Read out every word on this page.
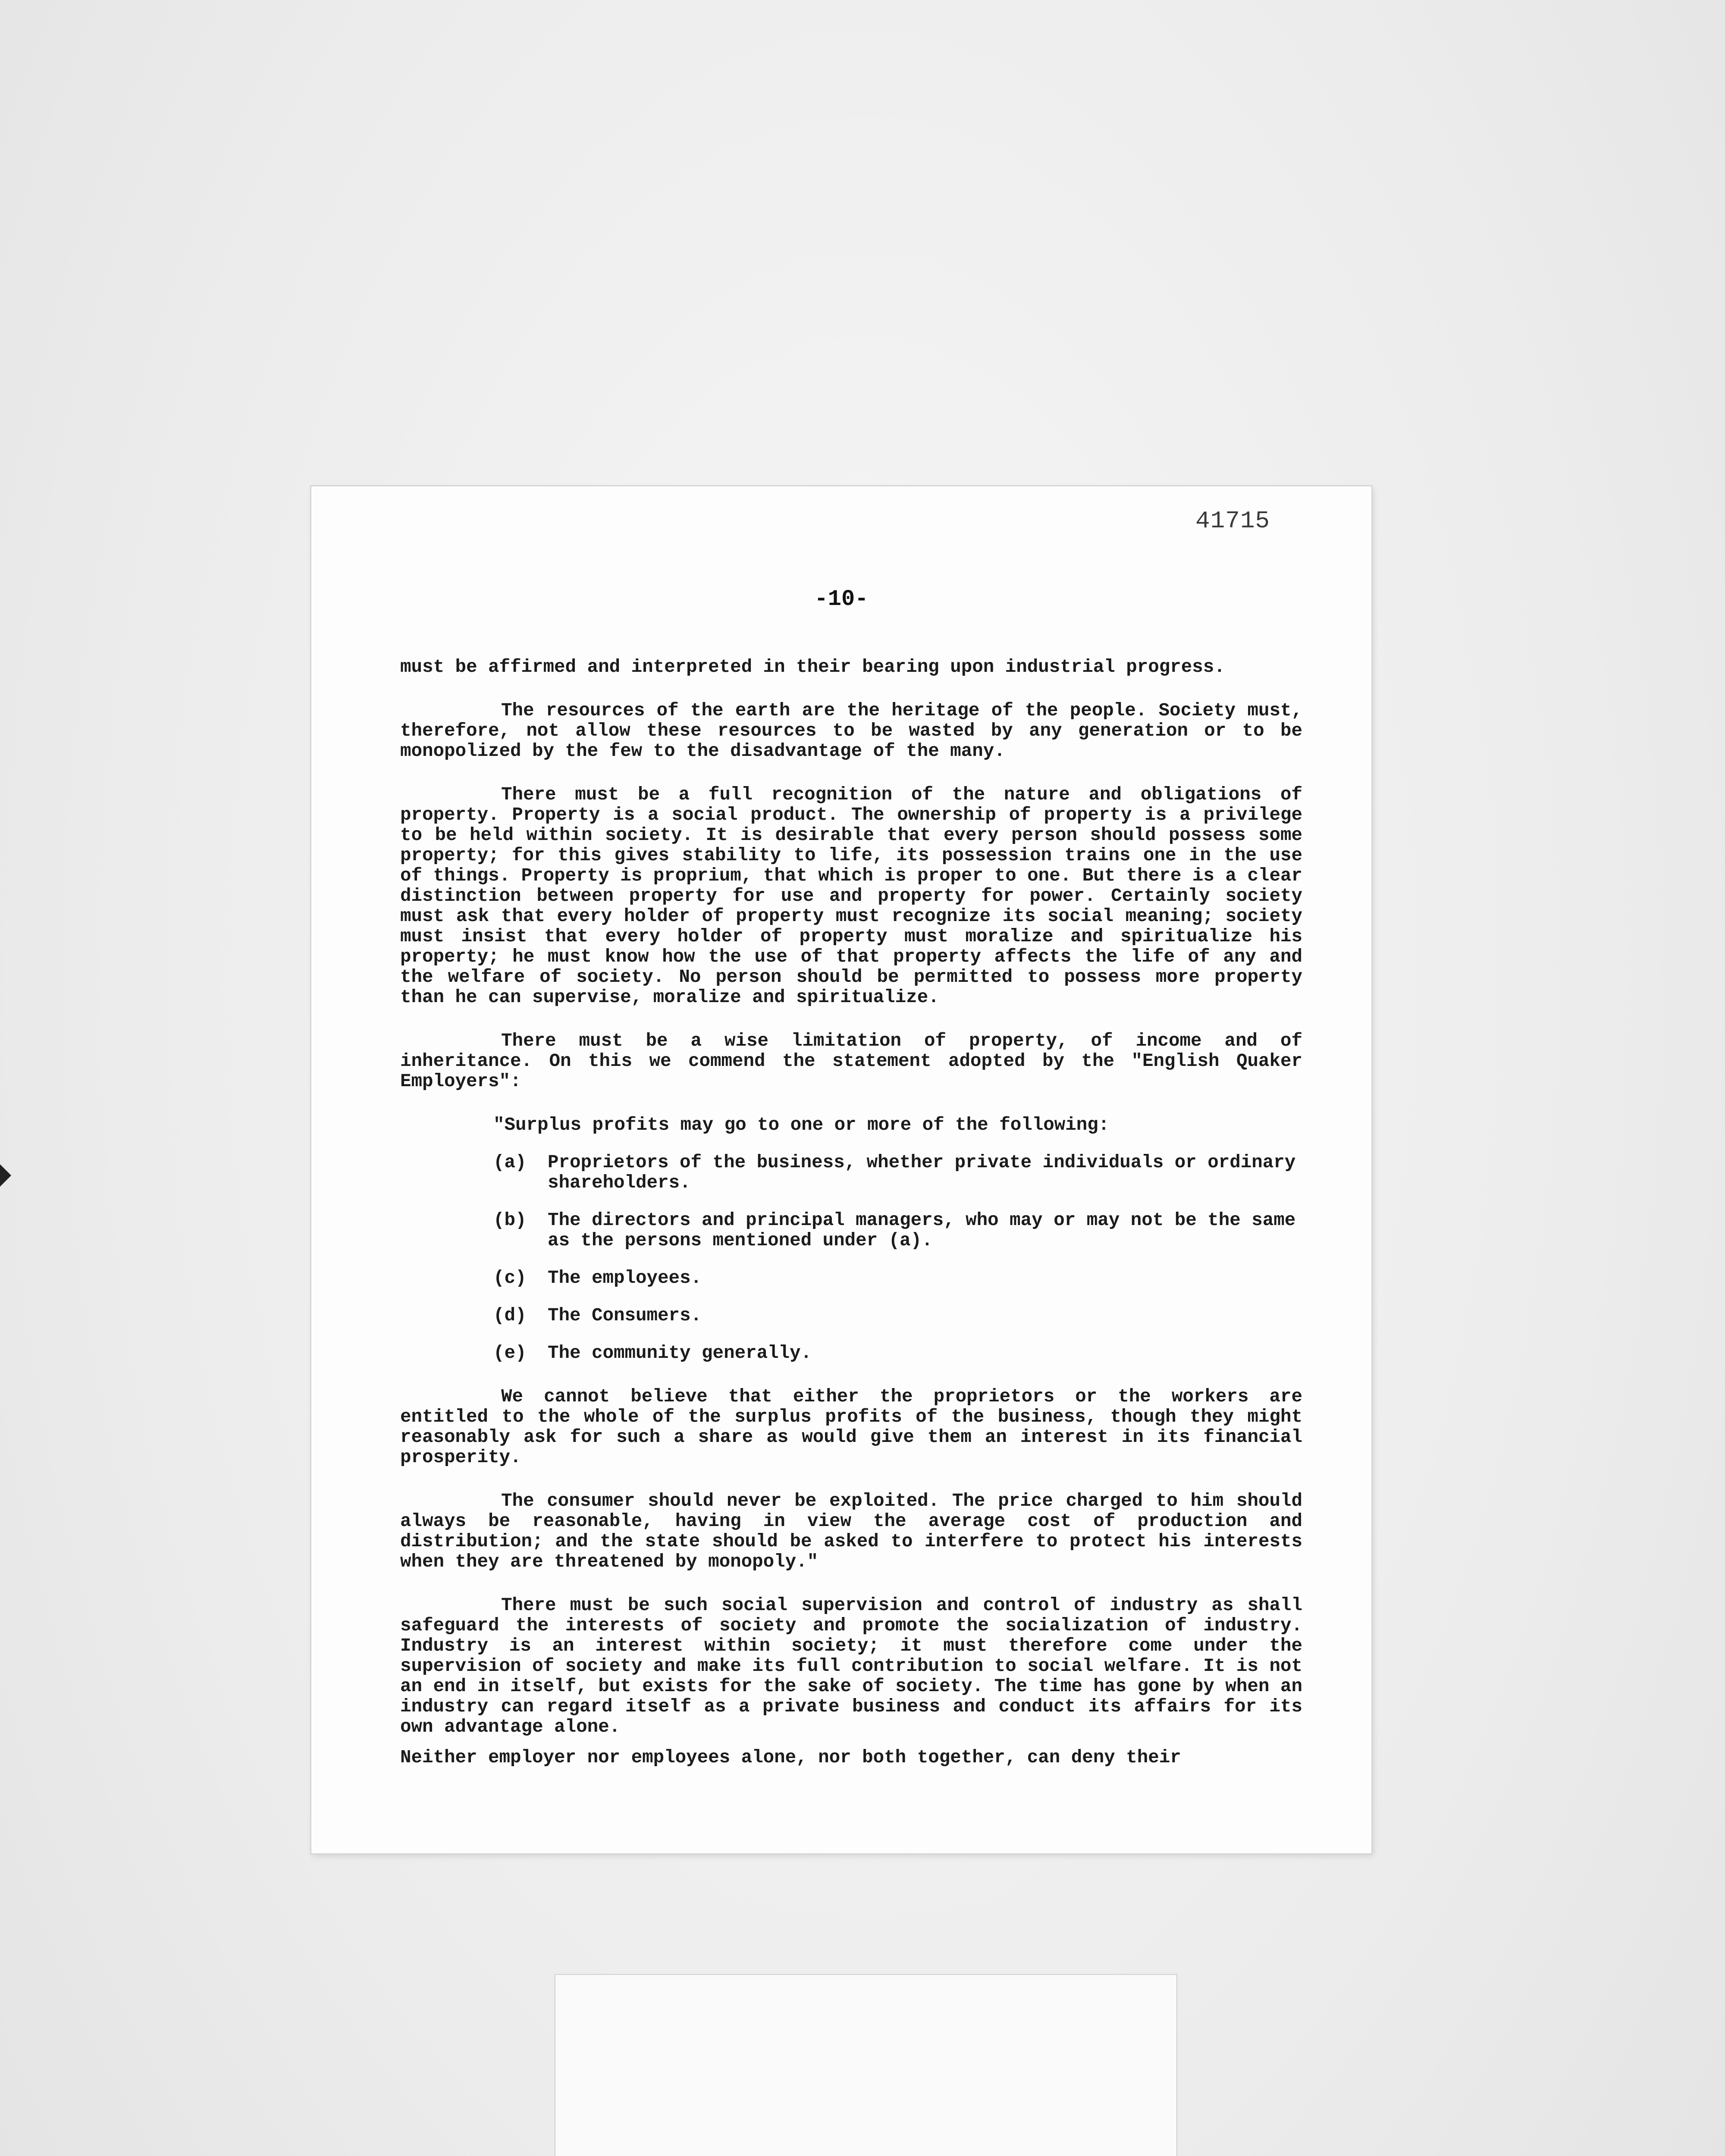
41715
-10-

must be affirmed and interpreted in their bearing upon industrial progress.

The resources of the earth are the heritage of the people. Society must, therefore, not allow these resources to be wasted by any generation or to be monopolized by the few to the disadvantage of the many.

There must be a full recognition of the nature and obligations of property. Property is a social product. The ownership of property is a privilege to be held within society. It is desirable that every person should possess some property; for this gives stability to life, its possession trains one in the use of things. Property is proprium, that which is proper to one. But there is a clear distinction between property for use and property for power. Certainly society must ask that every holder of property must recognize its social meaning; society must insist that every holder of property must moralize and spiritualize his property; he must know how the use of that property affects the life of any and the welfare of society. No person should be permitted to possess more property than he can supervise, moralize and spiritualize.

There must be a wise limitation of property, of income and of inheritance. On this we commend the statement adopted by the "English Quaker Employers":

"Surplus profits may go to one or more of the following:

(a)	Proprietors of the business, whether private individuals or ordinary shareholders.
(b)	The directors and principal managers, who may or may not be the same as the persons mentioned under (a).
(c)	The employees.
(d)	The Consumers.
(e)	The community generally.

We cannot believe that either the proprietors or the workers are entitled to the whole of the surplus profits of the business, though they might reasonably ask for such a share as would give them an interest in its financial prosperity.

The consumer should never be exploited. The price charged to him should always be reasonable, having in view the average cost of production and distribution; and the state should be asked to interfere to protect his interests when they are threatened by monopoly."

There must be such social supervision and control of industry as shall safeguard the interests of society and promote the socialization of industry. Industry is an interest within society; it must therefore come under the supervision of society and make its full contribution to social welfare. It is not an end in itself, but exists for the sake of society. The time has gone by when an industry can regard itself as a private business and conduct its affairs for its own advantage alone.

Neither employer nor employees alone, nor both together, can deny their
